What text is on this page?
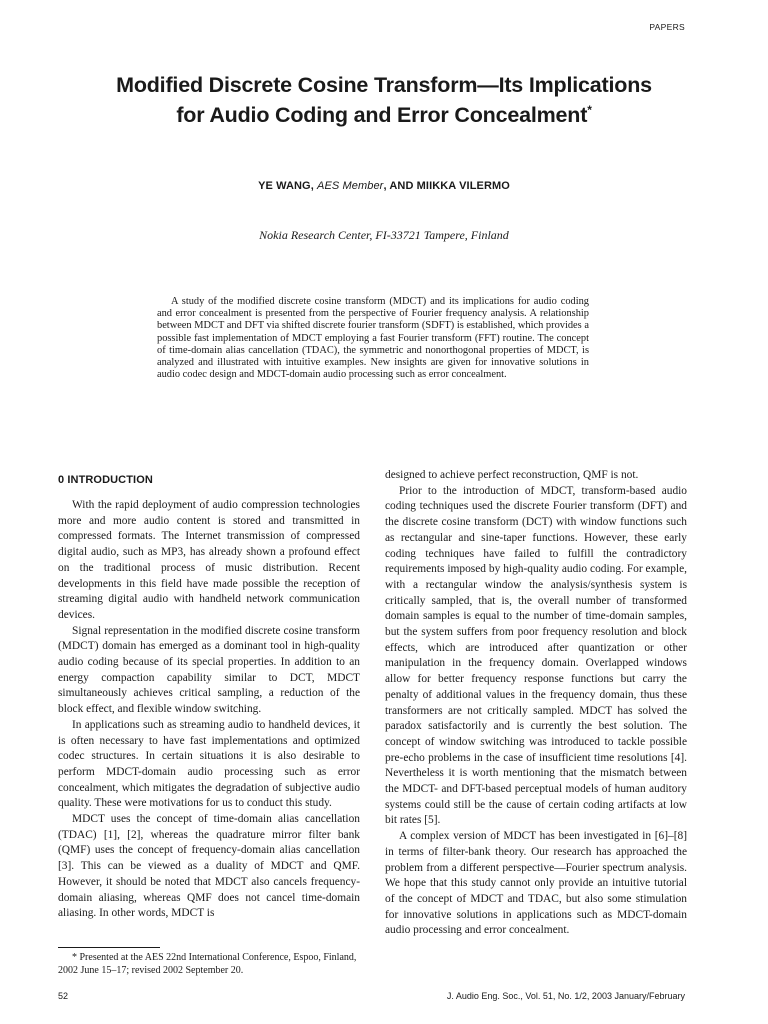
PAPERS
Modified Discrete Cosine Transform—Its Implications
for Audio Coding and Error Concealment*
YE WANG, AES Member, AND MIIKKA VILERMO
Nokia Research Center, FI-33721 Tampere, Finland

A study of the modified discrete cosine transform (MDCT) and its implications for audio coding and error concealment is presented from the perspective of Fourier frequency analysis. A relationship between MDCT and DFT via shifted discrete fourier transform (SDFT) is established, which provides a possible fast implementation of MDCT employing a fast Fourier transform (FFT) routine. The concept of time-domain alias cancellation (TDAC), the symmetric and nonorthogonal properties of MDCT, is analyzed and illustrated with intuitive examples. New insights are given for innovative solutions in audio codec design and MDCT-domain audio processing such as error concealment.

0 INTRODUCTION

With the rapid deployment of audio compression technologies more and more audio content is stored and transmitted in compressed formats. The Internet transmission of compressed digital audio, such as MP3, has already shown a profound effect on the traditional process of music distribution. Recent developments in this field have made possible the reception of streaming digital audio with handheld network communication devices.

Signal representation in the modified discrete cosine transform (MDCT) domain has emerged as a dominant tool in high-quality audio coding because of its special properties. In addition to an energy compaction capability similar to DCT, MDCT simultaneously achieves critical sampling, a reduction of the block effect, and flexible window switching.

In applications such as streaming audio to handheld devices, it is often necessary to have fast implementations and optimized codec structures. In certain situations it is also desirable to perform MDCT-domain audio processing such as error concealment, which mitigates the degradation of subjective audio quality. These were motivations for us to conduct this study.

MDCT uses the concept of time-domain alias cancellation (TDAC) [1], [2], whereas the quadrature mirror filter bank (QMF) uses the concept of frequency-domain alias cancellation [3]. This can be viewed as a duality of MDCT and QMF. However, it should be noted that MDCT also cancels frequency-domain aliasing, whereas QMF does not cancel time-domain aliasing. In other words, MDCT is

designed to achieve perfect reconstruction, QMF is not.

Prior to the introduction of MDCT, transform-based audio coding techniques used the discrete Fourier transform (DFT) and the discrete cosine transform (DCT) with window functions such as rectangular and sine-taper functions. However, these early coding techniques have failed to fulfill the contradictory requirements imposed by high-quality audio coding. For example, with a rectangular window the analysis/synthesis system is critically sampled, that is, the overall number of transformed domain samples is equal to the number of time-domain samples, but the system suffers from poor frequency resolution and block effects, which are introduced after quantization or other manipulation in the frequency domain. Overlapped windows allow for better frequency response functions but carry the penalty of additional values in the frequency domain, thus these transformers are not critically sampled. MDCT has solved the paradox satisfactorily and is currently the best solution. The concept of window switching was introduced to tackle possible pre-echo problems in the case of insufficient time resolutions [4]. Nevertheless it is worth mentioning that the mismatch between the MDCT- and DFT-based perceptual models of human auditory systems could still be the cause of certain coding artifacts at low bit rates [5].

A complex version of MDCT has been investigated in [6]–[8] in terms of filter-bank theory. Our research has approached the problem from a different perspective—Fourier spectrum analysis. We hope that this study cannot only provide an intuitive tutorial of the concept of MDCT and TDAC, but also some stimulation for innovative solutions in applications such as MDCT-domain audio processing and error concealment.

* Presented at the AES 22nd International Conference, Espoo, Finland, 2002 June 15–17; revised 2002 September 20.

52	J. Audio Eng. Soc., Vol. 51, No. 1/2, 2003 January/February
